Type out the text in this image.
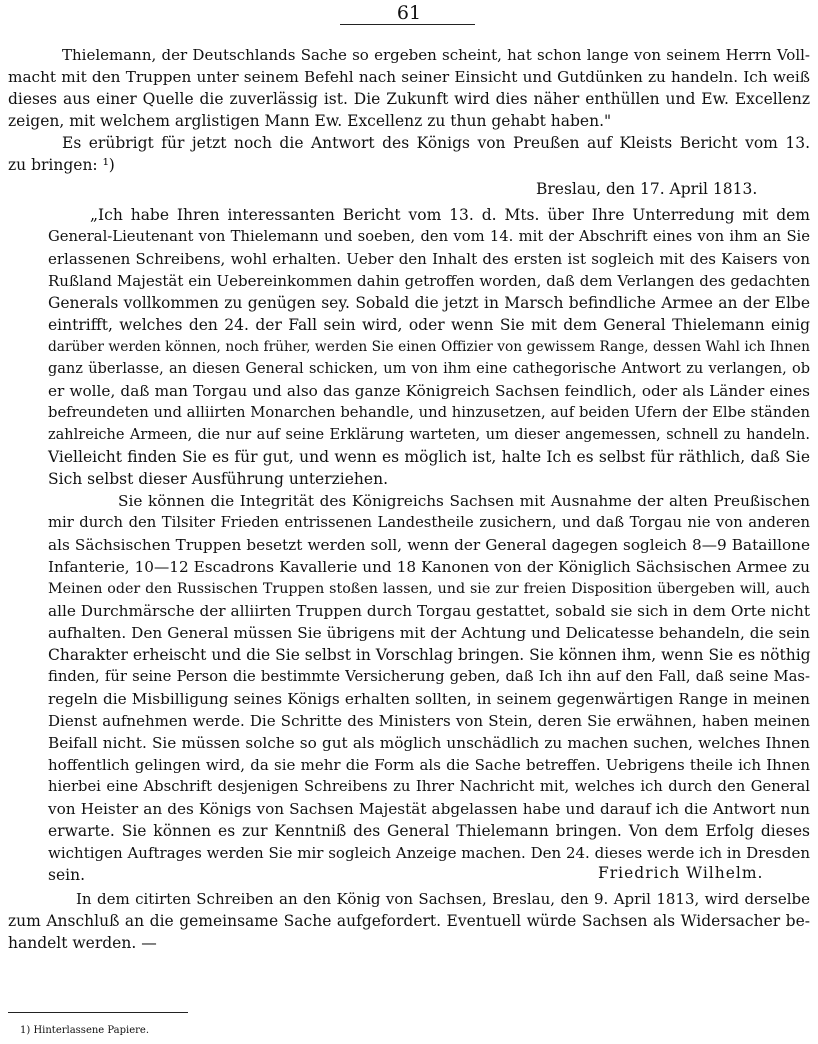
61
Thielemann, der Deutschlands Sache so ergeben scheint, hat schon lange von seinem Herrn Voll-
macht mit den Truppen unter seinem Befehl nach seiner Einsicht und Gutdünken zu handeln. Ich weiß
dieses aus einer Quelle die zuverlässig ist. Die Zukunft wird dies näher enthüllen und Ew. Excellenz
zeigen, mit welchem arglistigen Mann Ew. Excellenz zu thun gehabt haben."
Es erübrigt für jetzt noch die Antwort des Königs von Preußen auf Kleists Bericht vom 13.
zu bringen: ¹)
Breslau, den 17. April 1813.
„Ich habe Ihren interessanten Bericht vom 13. d. Mts. über Ihre Unterredung mit dem
General-Lieutenant von Thielemann und soeben, den vom 14. mit der Abschrift eines von ihm an Sie
erlassenen Schreibens, wohl erhalten. Ueber den Inhalt des ersten ist sogleich mit des Kaisers von
Rußland Majestät ein Uebereinkommen dahin getroffen worden, daß dem Verlangen des gedachten
Generals vollkommen zu genügen sey. Sobald die jetzt in Marsch befindliche Armee an der Elbe
eintrifft, welches den 24. der Fall sein wird, oder wenn Sie mit dem General Thielemann einig
darüber werden können, noch früher, werden Sie einen Offizier von gewissem Range, dessen Wahl ich Ihnen
ganz überlasse, an diesen General schicken, um von ihm eine cathegorische Antwort zu verlangen, ob
er wolle, daß man Torgau und also das ganze Königreich Sachsen feindlich, oder als Länder eines
befreundeten und alliirten Monarchen behandle, und hinzusetzen, auf beiden Ufern der Elbe ständen
zahlreiche Armeen, die nur auf seine Erklärung warteten, um dieser angemessen, schnell zu handeln.
Vielleicht finden Sie es für gut, und wenn es möglich ist, halte Ich es selbst für räthlich, daß Sie
Sich selbst dieser Ausführung unterziehen.
Sie können die Integrität des Königreichs Sachsen mit Ausnahme der alten Preußischen
mir durch den Tilsiter Frieden entrissenen Landestheile zusichern, und daß Torgau nie von anderen
als Sächsischen Truppen besetzt werden soll, wenn der General dagegen sogleich 8—9 Bataillone
Infanterie, 10—12 Escadrons Kavallerie und 18 Kanonen von der Königlich Sächsischen Armee zu
Meinen oder den Russischen Truppen stoßen lassen, und sie zur freien Disposition übergeben will, auch
alle Durchmärsche der alliirten Truppen durch Torgau gestattet, sobald sie sich in dem Orte nicht
aufhalten. Den General müssen Sie übrigens mit der Achtung und Delicatesse behandeln, die sein
Charakter erheischt und die Sie selbst in Vorschlag bringen. Sie können ihm, wenn Sie es nöthig
finden, für seine Person die bestimmte Versicherung geben, daß Ich ihn auf den Fall, daß seine Mas-
regeln die Misbilligung seines Königs erhalten sollten, in seinem gegenwärtigen Range in meinen
Dienst aufnehmen werde. Die Schritte des Ministers von Stein, deren Sie erwähnen, haben meinen
Beifall nicht. Sie müssen solche so gut als möglich unschädlich zu machen suchen, welches Ihnen
hoffentlich gelingen wird, da sie mehr die Form als die Sache betreffen. Uebrigens theile ich Ihnen
hierbei eine Abschrift desjenigen Schreibens zu Ihrer Nachricht mit, welches ich durch den General
von Heister an des Königs von Sachsen Majestät abgelassen habe und darauf ich die Antwort nun
erwarte. Sie können es zur Kenntniß des General Thielemann bringen. Von dem Erfolg dieses
wichtigen Auftrages werden Sie mir sogleich Anzeige machen. Den 24. dieses werde ich in Dresden
sein.	Friedrich Wilhelm.
In dem citirten Schreiben an den König von Sachsen, Breslau, den 9. April 1813, wird derselbe
zum Anschluß an die gemeinsame Sache aufgefordert. Eventuell würde Sachsen als Widersacher be-
handelt werden. —
1) Hinterlassene Papiere.
